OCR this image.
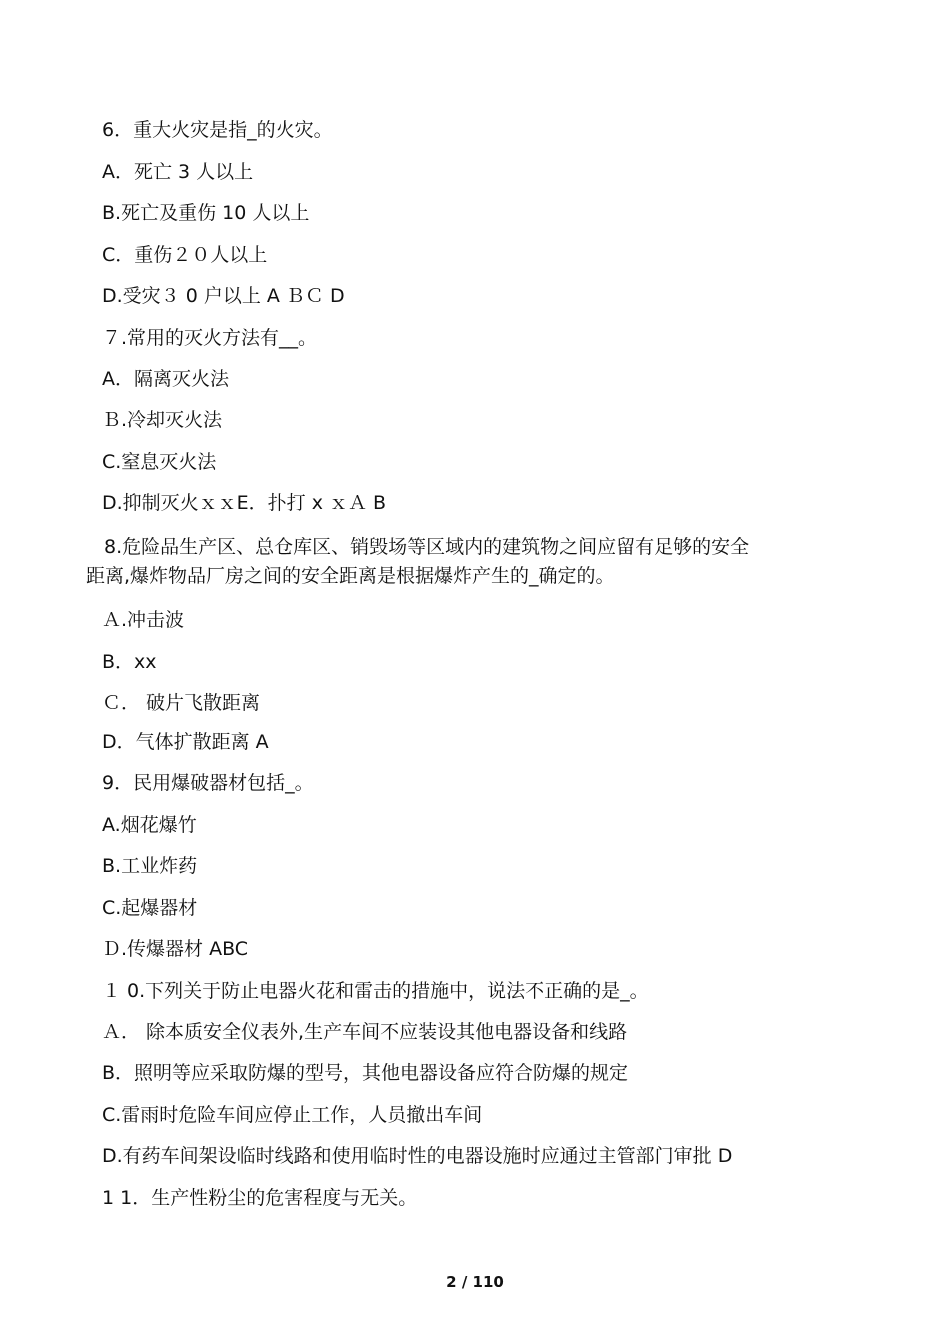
6．重大火灾是指_的火灾。
A．死亡 3 人以上
B.死亡及重伤 10 人以上
C．重伤２０人以上
D.受灾３ 0 户以上 A ＢＣ D
７.常用的灭火方法有__。
A．隔离灭火法
Ｂ.冷却灭火法
C.窒息灭火法
D.抑制灭火ｘｘE．扑打 x ｘＡ B
8.危险品生产区、总仓库区、销毁场等区域内的建筑物之间应留有足够的安全
距离,爆炸物品厂房之间的安全距离是根据爆炸产生的_确定的。
Ａ.冲击波
B．xx
Ｃ． 破片飞散距离
D．气体扩散距离 A
9．民用爆破器材包括_。
A.烟花爆竹
B.工业炸药
C.起爆器材
Ｄ.传爆器材 ABC
１ 0.下列关于防止电器火花和雷击的措施中，说法不正确的是_。
Ａ． 除本质安全仪表外,生产车间不应装设其他电器设备和线路
B．照明等应采取防爆的型号，其他电器设备应符合防爆的规定
C.雷雨时危险车间应停止工作，人员撤出车间
D.有药车间架设临时线路和使用临时性的电器设施时应通过主管部门审批 D
1 1．生产性粉尘的危害程度与无关。
2 / 110
